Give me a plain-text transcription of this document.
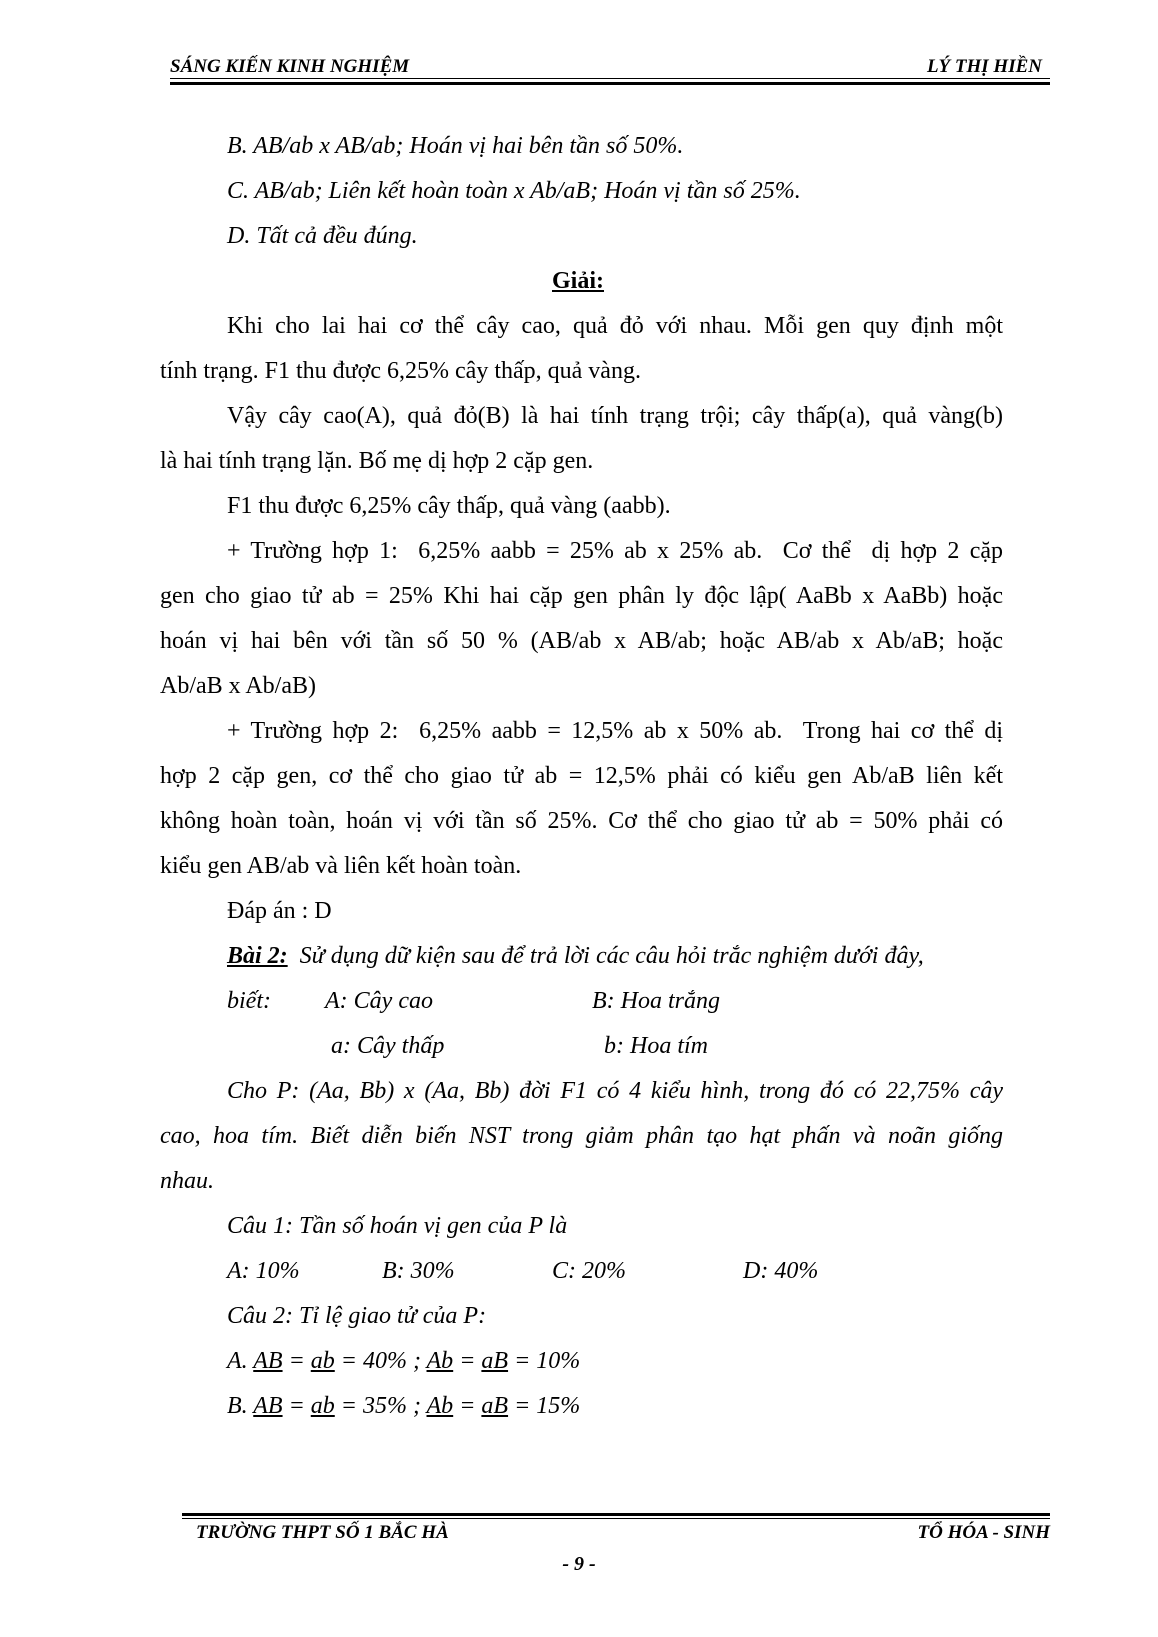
SÁNG KIẾN KINH NGHIỆM	LÝ THỊ HIỀN
B. AB/ab x AB/ab; Hoán vị hai bên tần số 50%.
C. AB/ab; Liên kết hoàn toàn x Ab/aB; Hoán vị tần số 25%.
D. Tất cả đều đúng.
Giải:
Khi cho lai hai cơ thể cây cao, quả đỏ với nhau. Mỗi gen quy định một
tính trạng. F1 thu được 6,25% cây thấp, quả vàng.
Vậy cây cao(A), quả đỏ(B) là hai tính trạng trội; cây thấp(a), quả vàng(b)
là hai tính trạng lặn. Bố mẹ dị hợp 2 cặp gen.
F1 thu được 6,25% cây thấp, quả vàng (aabb).
+ Trường hợp 1:  6,25% aabb = 25% ab x 25% ab.  Cơ thể  dị hợp 2 cặp
gen cho giao tử ab = 25% Khi hai cặp gen phân ly độc lập( AaBb x AaBb) hoặc
hoán vị hai bên với tần số 50 % (AB/ab x AB/ab; hoặc AB/ab x Ab/aB; hoặc
Ab/aB x Ab/aB)
+ Trường hợp 2:  6,25% aabb = 12,5% ab x 50% ab.  Trong hai cơ thể dị
hợp 2 cặp gen, cơ thể cho giao tử ab = 12,5% phải có kiểu gen Ab/aB liên kết
không hoàn toàn, hoán vị với tần số 25%. Cơ thể cho giao tử ab = 50% phải có
kiểu gen AB/ab và liên kết hoàn toàn.
Đáp án : D
Bài 2: Sử dụng dữ kiện sau để trả lời các câu hỏi trắc nghiệm dưới đây,
biết: A: Cây cao	B: Hoa trắng
a: Cây thấp	b: Hoa tím
Cho P: (Aa, Bb) x (Aa, Bb) đời F1 có 4 kiểu hình, trong đó có 22,75% cây
cao, hoa tím. Biết diễn biến NST trong giảm phân tạo hạt phấn và noãn giống
nhau.
Câu 1: Tần số hoán vị gen của P là
A: 10%	B: 30%	C: 20%	D: 40%
Câu 2: Tỉ lệ giao tử của P:
A. AB = ab = 40% ; Ab = aB = 10%
B. AB = ab = 35% ; Ab = aB = 15%
TRƯỜNG THPT SỐ 1 BẮC HÀ	TỔ HÓA - SINH
- 9 -
